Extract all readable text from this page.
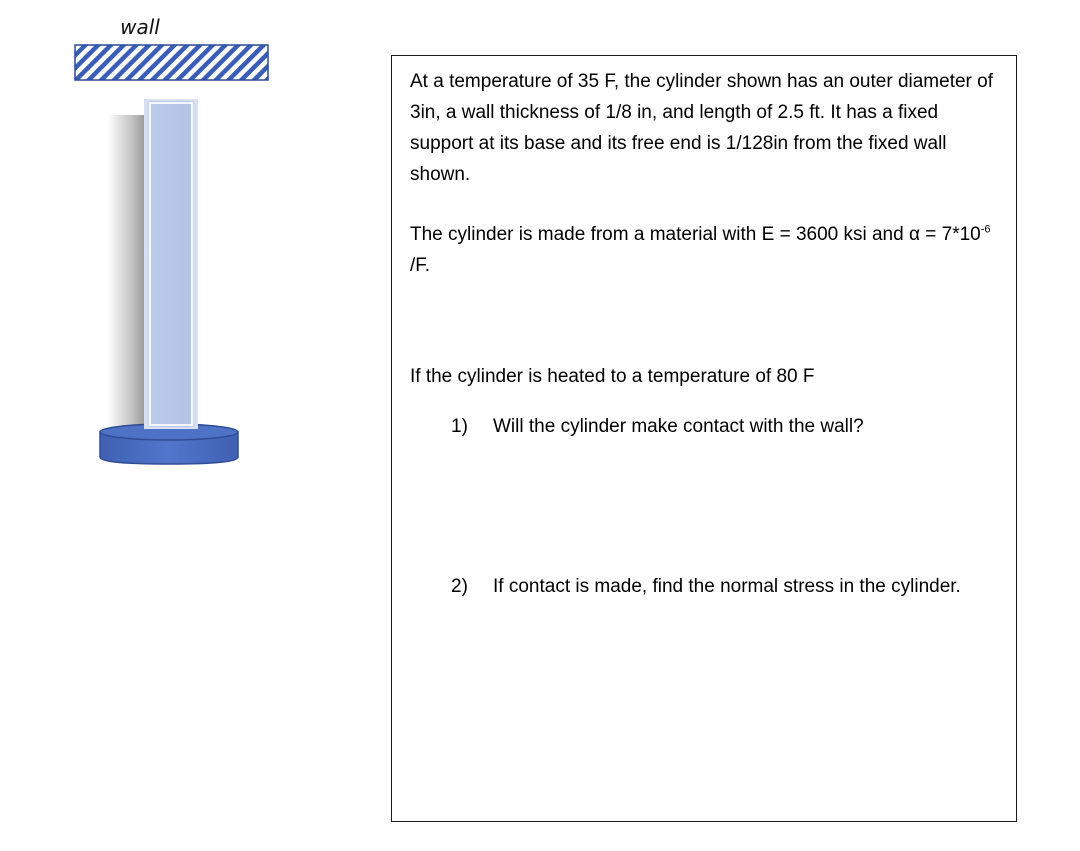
wall

At a temperature of 35 F, the cylinder shown has an outer diameter of 3in, a wall thickness of 1/8 in, and length of 2.5 ft. It has a fixed support at its base and its free end is 1/128in from the fixed wall shown.

The cylinder is made from a material with E = 3600 ksi and $\alpha = 7*10^{-6}$ /F.

If the cylinder is heated to a temperature of 80 F

1) Will the cylinder make contact with the wall?
2) If contact is made, find the normal stress in the cylinder.
